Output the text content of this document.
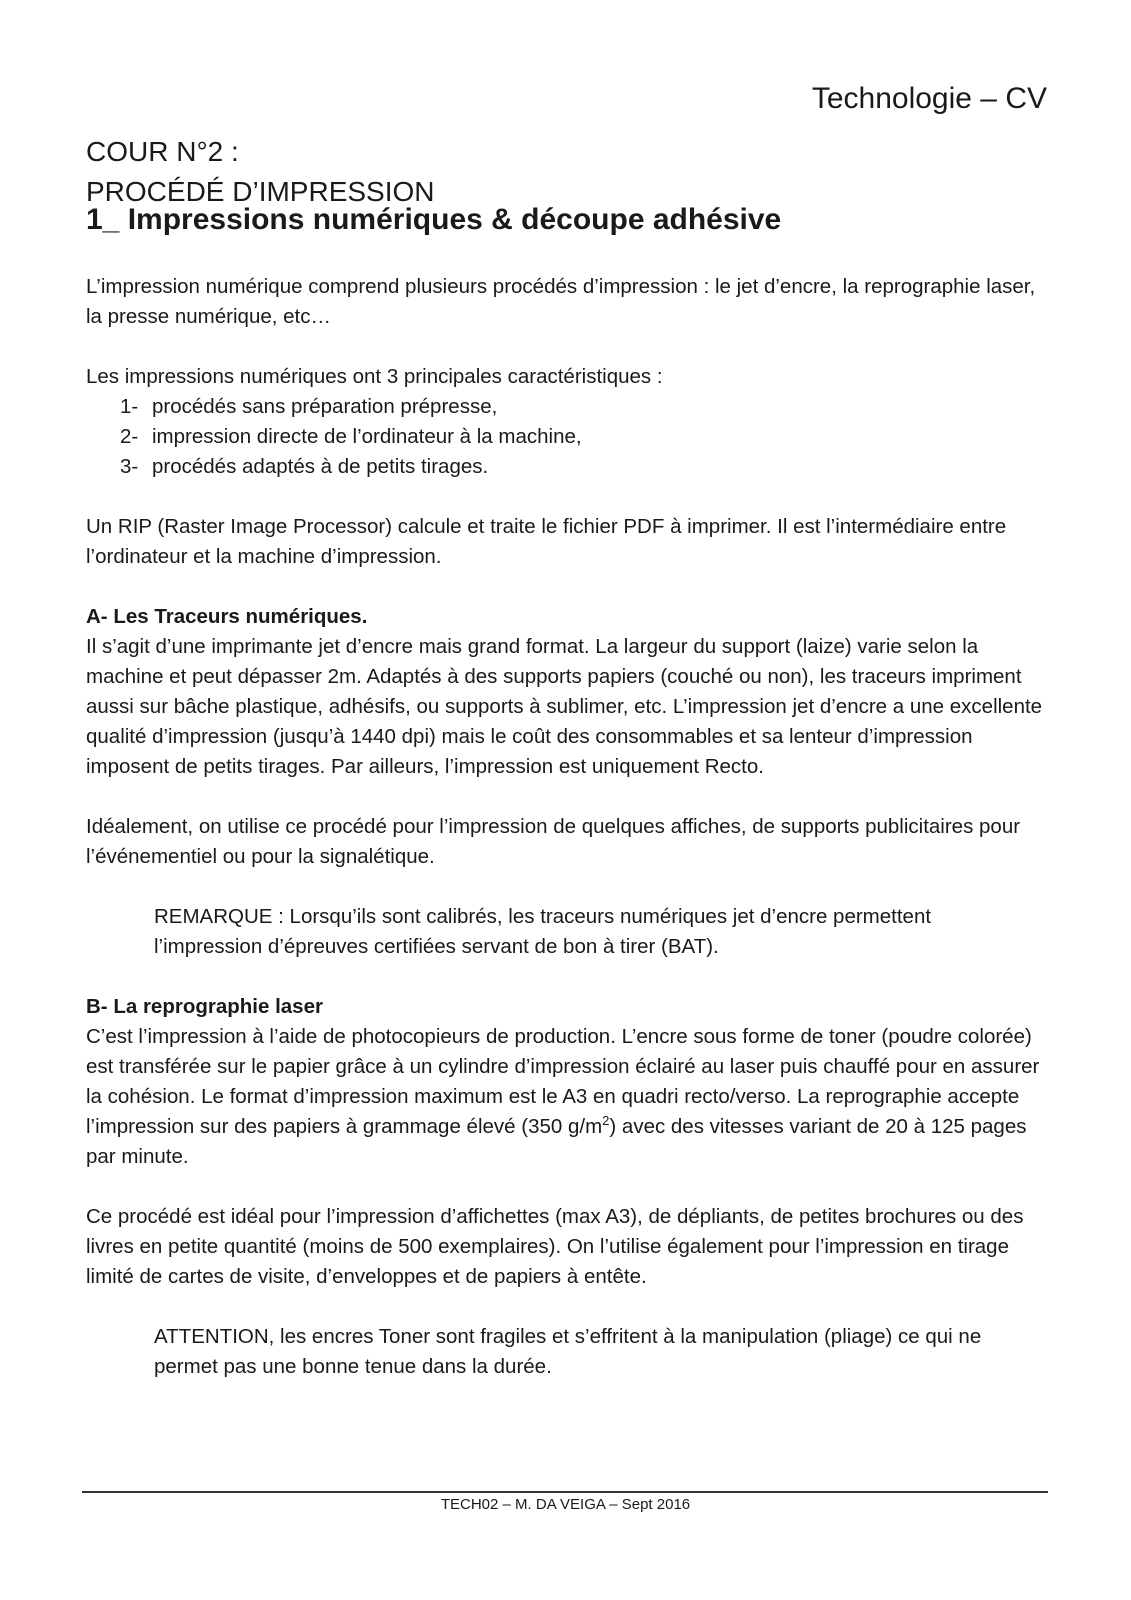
Technologie – CV
COUR N°2 :
PROCÉDÉ D’IMPRESSION
1_ Impressions numériques & découpe adhésive

L’impression numérique comprend plusieurs procédés d’impression : le jet d’encre, la reprographie laser, la presse numérique, etc…

Les impressions numériques ont 3 principales caractéristiques :

1- procédés sans préparation prépresse,
2- impression directe de l’ordinateur à la machine,
3- procédés adaptés à de petits tirages.

Un RIP (Raster Image Processor) calcule et traite le fichier PDF à imprimer. Il est l’intermédiaire entre l’ordinateur et la machine d’impression.

A- Les Traceurs numériques.

Il s’agit d’une imprimante jet d’encre mais grand format. La largeur du support (laize) varie selon la machine et peut dépasser 2m. Adaptés à des supports papiers (couché ou non), les traceurs impriment aussi sur bâche plastique, adhésifs, ou supports à sublimer, etc. L’impression jet d’encre a une excellente qualité d’impression (jusqu’à 1440 dpi) mais le coût des consommables et sa lenteur d’impression imposent de petits tirages. Par ailleurs, l’impression est uniquement Recto.

Idéalement, on utilise ce procédé pour l’impression de quelques affiches, de supports publicitaires pour l’événementiel ou pour la signalétique.

REMARQUE : Lorsqu’ils sont calibrés, les traceurs numériques jet d’encre permettent l’impression d’épreuves certifiées servant de bon à tirer (BAT).

B- La reprographie laser

C’est l’impression à l’aide de photocopieurs de production. L’encre sous forme de toner (poudre colorée) est transférée sur le papier grâce à un cylindre d’impression éclairé au laser puis chauffé pour en assurer la cohésion. Le format d’impression maximum est le A3 en quadri recto/verso. La reprographie accepte l’impression sur des papiers à grammage élevé (350 $g/m^2$) avec des vitesses variant de 20 à 125 pages par minute.

Ce procédé est idéal pour l’impression d’affichettes (max A3), de dépliants, de petites brochures ou des livres en petite quantité (moins de 500 exemplaires). On l’utilise également pour l’impression en tirage limité de cartes de visite, d’enveloppes et de papiers à entête.

ATTENTION, les encres Toner sont fragiles et s’effritent à la manipulation (pliage) ce qui ne permet pas une bonne tenue dans la durée.

TECH02 – M. DA VEIGA – Sept 2016
